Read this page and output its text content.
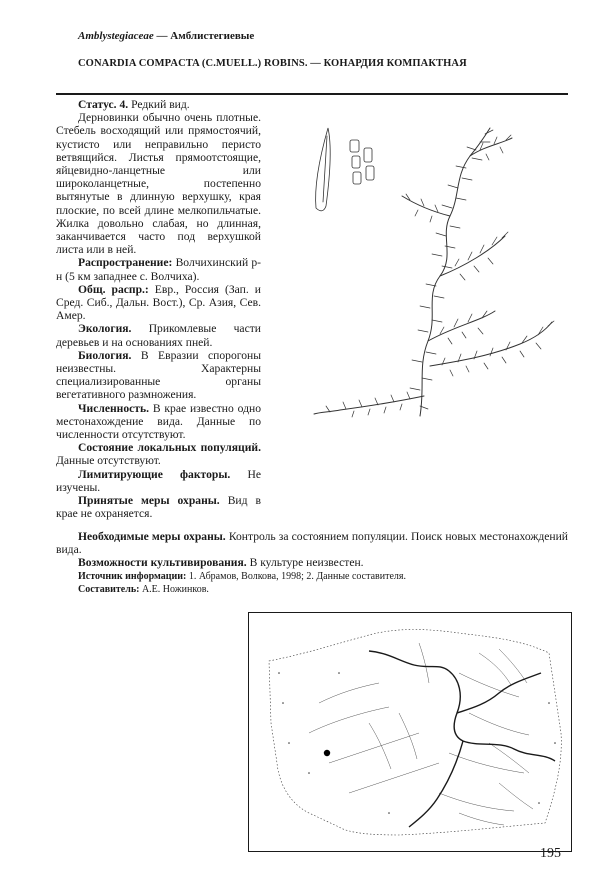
Amblystegiaceae — Амблистегиевые
CONARDIA COMPACTA (C.MUELL.) ROBINS. — КОНАРДИЯ КОМПАКТНАЯ

Статус. 4. Редкий вид.

Дерновинки обычно очень плотные. Стебель восходящий или прямостоячий, кустисто или неправильно перисто ветвящийся. Листья прямоотстоящие, яйцевидно-ланцетные или широколанцетные, постепенно вытянутые в длинную верхушку, края плоские, по всей длине мелкопильчатые. Жилка довольно слабая, но длинная, заканчивается часто под верхушкой листа или в ней.

Распространение: Волчихинский р-н (5 км западнее с. Волчиха).

Общ. распр.: Евр., Россия (Зап. и Сред. Сиб., Дальн. Вост.), Ср. Азия, Сев. Амер.

Экология. Прикомлевые части деревьев и на основаниях пней.

Биология. В Евразии спорогоны неизвестны. Характерны специализированные органы вегетативного размножения.

Численность. В крае известно одно местонахождение вида. Данные по численности отсутствуют.

Состояние локальных популяций. Данные отсутствуют.

Лимитирующие факторы. Не изучены.

Принятые меры охраны. Вид в крае не охраняется.

Необходимые меры охраны. Контроль за состоянием популяции. Поиск новых местонахождений вида.

Возможности культивирования. В культуре неизвестен.

Источник информации: 1. Абрамов, Волкова, 1998; 2. Данные составителя.

Составитель: А.Е. Ножинков.

195
